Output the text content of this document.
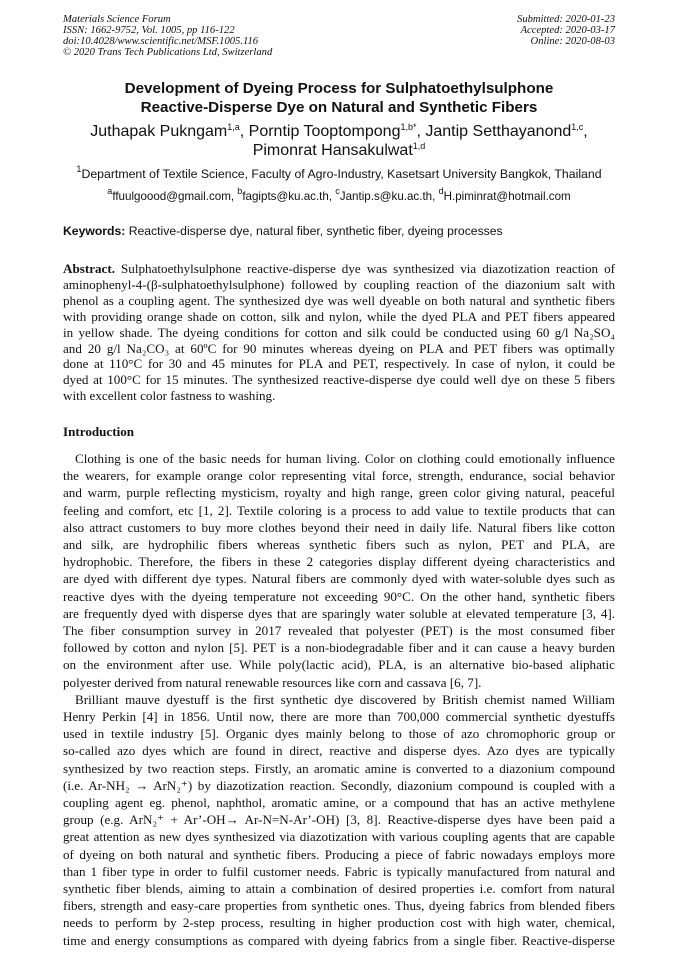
Materials Science Forum
ISSN: 1662-9752, Vol. 1005, pp 116-122
doi:10.4028/www.scientific.net/MSF.1005.116
© 2020 Trans Tech Publications Ltd, Switzerland
Submitted: 2020-01-23
Accepted: 2020-03-17
Online: 2020-08-03
Development of Dyeing Process for Sulphatoethylsulphone
Reactive-Disperse Dye on Natural and Synthetic Fibers
Juthapak Pukngam$^{1,a}$, Porntip Tooptompong$^{1,b*}$, Jantip Setthayanond$^{1,c}$,
Pimonrat Hansakulwat$^{1,d}$
$^1$Department of Textile Science, Faculty of Agro-Industry, Kasetsart University Bangkok, Thailand
$^a$ffuulgoood@gmail.com, $^b$fagipts@ku.ac.th, $^c$Jantip.s@ku.ac.th, $^d$H.piminrat@hotmail.com
Keywords: Reactive-disperse dye, natural fiber, synthetic fiber, dyeing processes
Abstract. Sulphatoethylsulphone reactive-disperse dye was synthesized via diazotization reaction of
aminophenyl-4-(β-sulphatoethylsulphone) followed by coupling reaction of the diazonium salt with
phenol as a coupling agent. The synthesized dye was well dyeable on both natural and synthetic fibers
with providing orange shade on cotton, silk and nylon, while the dyed PLA and PET fibers appeared
in yellow shade. The dyeing conditions for cotton and silk could be conducted using 60 g/l Na₂SO₄
and 20 g/l Na₂CO₃ at 60ºC for 90 minutes whereas dyeing on PLA and PET fibers was optimally
done at 110°C for 30 and 45 minutes for PLA and PET, respectively. In case of nylon, it could be
dyed at 100°C for 15 minutes. The synthesized reactive-disperse dye could well dye on these 5 fibers
with excellent color fastness to washing.
Introduction
Clothing is one of the basic needs for human living. Color on clothing could emotionally influence
the wearers, for example orange color representing vital force, strength, endurance, social behavior
and warm, purple reflecting mysticism, royalty and high range, green color giving natural, peaceful
feeling and comfort, etc [1, 2]. Textile coloring is a process to add value to textile products that can
also attract customers to buy more clothes beyond their need in daily life. Natural fibers like cotton
and silk, are hydrophilic fibers whereas synthetic fibers such as nylon, PET and PLA, are
hydrophobic. Therefore, the fibers in these 2 categories display different dyeing characteristics and
are dyed with different dye types. Natural fibers are commonly dyed with water-soluble dyes such as
reactive dyes with the dyeing temperature not exceeding 90°C. On the other hand, synthetic fibers
are frequently dyed with disperse dyes that are sparingly water soluble at elevated temperature [3, 4].
The fiber consumption survey in 2017 revealed that polyester (PET) is the most consumed fiber
followed by cotton and nylon [5]. PET is a non-biodegradable fiber and it can cause a heavy burden
on the environment after use. While poly(lactic acid), PLA, is an alternative bio-based aliphatic
polyester derived from natural renewable resources like corn and cassava [6, 7].
Brilliant mauve dyestuff is the first synthetic dye discovered by British chemist named William
Henry Perkin [4] in 1856. Until now, there are more than 700,000 commercial synthetic dyestuffs
used in textile industry [5]. Organic dyes mainly belong to those of azo chromophoric group or
so-called azo dyes which are found in direct, reactive and disperse dyes. Azo dyes are typically
synthesized by two reaction steps. Firstly, an aromatic amine is converted to a diazonium compound
(i.e. Ar-NH₂ → ArN₂⁺) by diazotization reaction. Secondly, diazonium compound is coupled with a
coupling agent eg. phenol, naphthol, aromatic amine, or a compound that has an active methylene
group (e.g. ArN₂⁺ + Ar’-OH→ Ar-N=N-Ar’-OH) [3, 8]. Reactive-disperse dyes have been paid a
great attention as new dyes synthesized via diazotization with various coupling agents that are capable
of dyeing on both natural and synthetic fibers. Producing a piece of fabric nowadays employs more
than 1 fiber type in order to fulfil customer needs. Fabric is typically manufactured from natural and
synthetic fiber blends, aiming to attain a combination of desired properties i.e. comfort from natural
fibers, strength and easy-care properties from synthetic ones. Thus, dyeing fabrics from blended fibers
needs to perform by 2-step process, resulting in higher production cost with high water, chemical,
time and energy consumptions as compared with dyeing fabrics from a single fiber. Reactive-disperse
